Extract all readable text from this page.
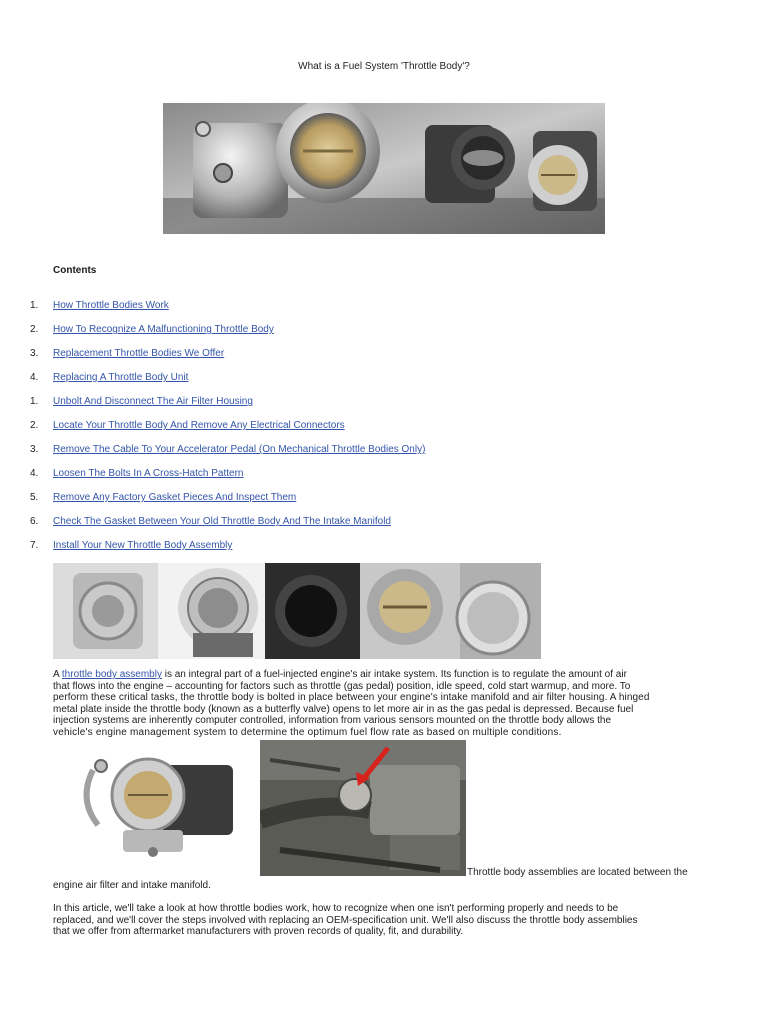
What is a Fuel System 'Throttle Body'?
Contents
1.	How Throttle Bodies Work
2.	How To Recognize A Malfunctioning Throttle Body
3.	Replacement Throttle Bodies We Offer
4.	Replacing A Throttle Body Unit
1.	Unbolt And Disconnect The Air Filter Housing
2.	Locate Your Throttle Body And Remove Any Electrical Connectors
3.	Remove The Cable To Your Accelerator Pedal (On Mechanical Throttle Bodies Only)
4.	Loosen The Bolts In A Cross-Hatch Pattern
5.	Remove Any Factory Gasket Pieces And Inspect Them
6.	Check The Gasket Between Your Old Throttle Body And The Intake Manifold
7.	Install Your New Throttle Body Assembly
A throttle body assembly is an integral part of a fuel-injected engine's air intake system. Its function is to regulate the amount of air
that flows into the engine – accounting for factors such as throttle (gas pedal) position, idle speed, cold start warmup, and more. To
perform these critical tasks, the throttle body is bolted in place between your engine's intake manifold and air filter housing. A hinged
metal plate inside the throttle body (known as a butterfly valve) opens to let more air in as the gas pedal is depressed. Because fuel
injection systems are inherently computer controlled, information from various sensors mounted on the throttle body allows the
vehicle's engine management system to determine the optimum fuel flow rate as based on multiple conditions.
Throttle body assemblies are located between the
engine air filter and intake manifold.
In this article, we'll take a look at how throttle bodies work, how to recognize when one isn't performing properly and needs to be
replaced, and we'll cover the steps involved with replacing an OEM-specification unit. We'll also discuss the throttle body assemblies
that we offer from aftermarket manufacturers with proven records of quality, fit, and durability.
